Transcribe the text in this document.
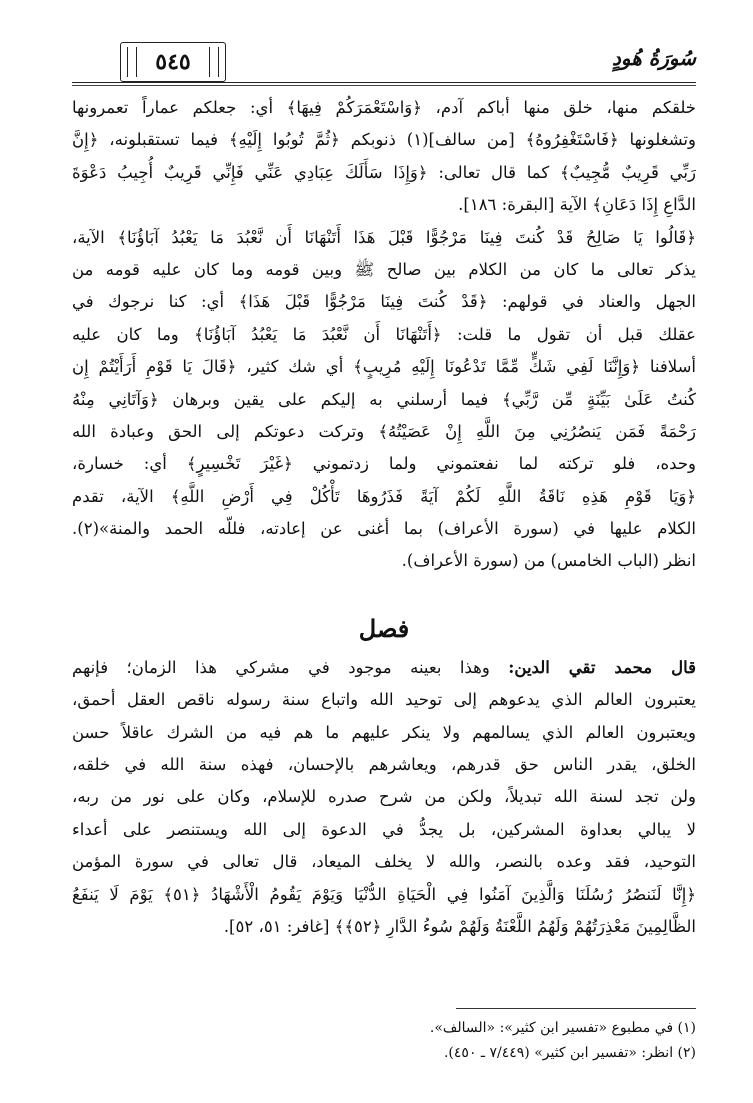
٥٤٥	سُورَةُ هُودٍ

خلقكم منها، خلق منها أباكم آدم، ﴿وَاسْتَعْمَرَكُمْ فِيهَا﴾ أي: جعلكم عماراً تعمرونها

وتشغلونها ﴿فَاسْتَغْفِرُوهُ﴾ [من سالف](١) ذنوبكم ﴿ثُمَّ تُوبُوا إِلَيْهِ﴾ فيما تستقبلونه، ﴿إِنَّ

رَبِّي قَرِيبٌ مُّجِيبٌ﴾ كما قال تعالى: ﴿وَإِذَا سَأَلَكَ عِبَادِي عَنِّي فَإِنِّي قَرِيبٌ أُجِيبُ دَعْوَةَ

الدَّاعِ إِذَا دَعَانِ﴾ الآية [البقرة: ١٨٦].

﴿قَالُوا يَا صَالِحُ قَدْ كُنتَ فِينَا مَرْجُوًّا قَبْلَ هَذَا أَتَنْهَانَا أَن نَّعْبُدَ مَا يَعْبُدُ آبَاؤُنَا﴾ الآية،

يذكر تعالى ما كان من الكلام بين صالح ﷺ وبين قومه وما كان عليه قومه من

الجهل والعناد في قولهم: ﴿قَدْ كُنتَ فِينَا مَرْجُوًّا قَبْلَ هَذَا﴾ أي: كنا نرجوك في

عقلك قبل أن تقول ما قلت: ﴿أَتَنْهَانَا أَن نَّعْبُدَ مَا يَعْبُدُ آبَاؤُنَا﴾ وما كان عليه

أسلافنا ﴿وَإِنَّنَا لَفِي شَكٍّ مِّمَّا تَدْعُونَا إِلَيْهِ مُرِيبٍ﴾ أي شك كثير، ﴿قَالَ يَا قَوْمِ أَرَأَيْتُمْ إِن

كُنتُ عَلَىٰ بَيِّنَةٍ مِّن رَّبِّي﴾ فيما أرسلني به إليكم على يقين وبرهان ﴿وَآتَانِي مِنْهُ

رَحْمَةً فَمَن يَنصُرُنِي مِنَ اللَّهِ إِنْ عَصَيْتُهُ﴾ وتركت دعوتكم إلى الحق وعبادة الله

وحده، فلو تركته لما نفعتموني ولما زدتموني ﴿غَيْرَ تَخْسِيرٍ﴾ أي: خسارة،

﴿وَيَا قَوْمِ هَذِهِ نَاقَةُ اللَّهِ لَكُمْ آيَةً فَذَرُوهَا تَأْكُلْ فِي أَرْضِ اللَّهِ﴾ الآية، تقدم

الكلام عليها في (سورة الأعراف) بما أغنى عن إعادته، فللّه الحمد والمنة»(٢).

انظر (الباب الخامس) من (سورة الأعراف).

فصل

قال محمد تقي الدين: وهذا بعينه موجود في مشركي هذا الزمان؛ فإنهم

يعتبرون العالم الذي يدعوهم إلى توحيد الله واتباع سنة رسوله ناقص العقل أحمق،

ويعتبرون العالم الذي يسالمهم ولا ينكر عليهم ما هم فيه من الشرك عاقلاً حسن

الخلق، يقدر الناس حق قدرهم، ويعاشرهم بالإحسان، فهذه سنة الله في خلقه،

ولن تجد لسنة الله تبديلاً، ولكن من شرح صدره للإسلام، وكان على نور من ربه،

لا يبالي بعداوة المشركين، بل يجدُّ في الدعوة إلى الله ويستنصر على أعداء

التوحيد، فقد وعده بالنصر، والله لا يخلف الميعاد، قال تعالى في سورة المؤمن

﴿إِنَّا لَنَنصُرُ رُسُلَنَا وَالَّذِينَ آمَنُوا فِي الْحَيَاةِ الدُّنْيَا وَيَوْمَ يَقُومُ الْأَشْهَادُ ﴿٥١﴾ يَوْمَ لَا يَنفَعُ

الظَّالِمِينَ مَعْذِرَتُهُمْ وَلَهُمُ اللَّعْنَةُ وَلَهُمْ سُوءُ الدَّارِ ﴿٥٢﴾﴾ [غافر: ٥١، ٥٢].

(١) في مطبوع «تفسير ابن كثير»: «السالف».

(٢) انظر: «تفسير ابن كثير» (٧/٤٤٩ ـ ٤٥٠).
